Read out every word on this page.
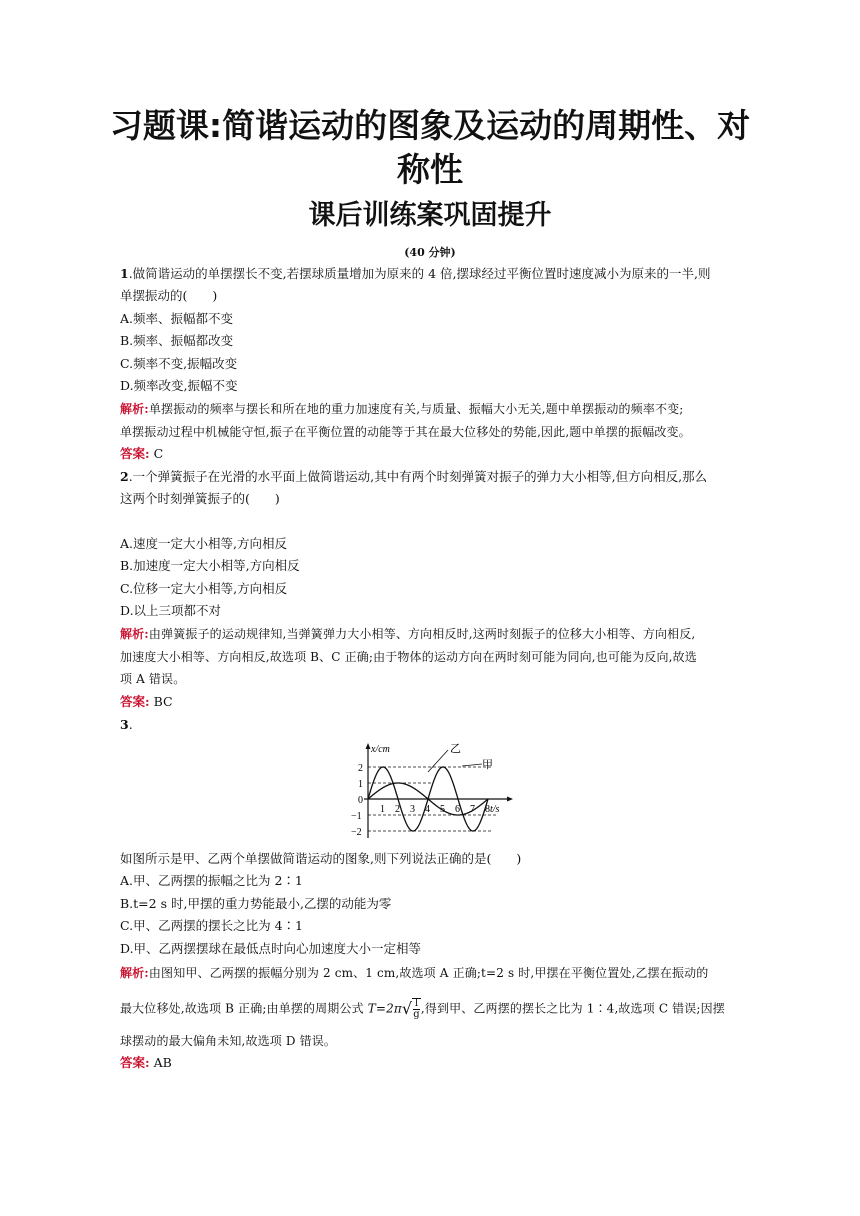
习题课:简谐运动的图象及运动的周期性、对
称性
课后训练案巩固提升
(40 分钟)
1.做简谐运动的单摆摆长不变,若摆球质量增加为原来的 4 倍,摆球经过平衡位置时速度减小为原来的一半,则
单摆振动的(　　)
A.频率、振幅都不变
B.频率、振幅都改变
C.频率不变,振幅改变
D.频率改变,振幅不变
解析:单摆振动的频率与摆长和所在地的重力加速度有关,与质量、振幅大小无关,题中单摆振动的频率不变;
单摆振动过程中机械能守恒,振子在平衡位置的动能等于其在最大位移处的势能,因此,题中单摆的振幅改变。
答案: C
2.一个弹簧振子在光滑的水平面上做简谐运动,其中有两个时刻弹簧对振子的弹力大小相等,但方向相反,那么
这两个时刻弹簧振子的(　　)
A.速度一定大小相等,方向相反
B.加速度一定大小相等,方向相反
C.位移一定大小相等,方向相反
D.以上三项都不对
解析:由弹簧振子的运动规律知,当弹簧弹力大小相等、方向相反时,这两时刻振子的位移大小相等、方向相反,
加速度大小相等、方向相反,故选项 B、C 正确;由于物体的运动方向在两时刻可能为同向,也可能为反向,故选
项 A 错误。
答案: BC
3.
x/cm
t/s
2
1
0
−1
−2
1 2 3 4 5 6 7 8
乙
甲
如图所示是甲、乙两个单摆做简谐运动的图象,则下列说法正确的是(　　)
A.甲、乙两摆的振幅之比为 2∶1
B.t=2 s 时,甲摆的重力势能最小,乙摆的动能为零
C.甲、乙两摆的摆长之比为 4∶1
D.甲、乙两摆摆球在最低点时向心加速度大小一定相等
解析:由图知甲、乙两摆的振幅分别为 2 cm、1 cm,故选项 A 正确;t=2 s 时,甲摆在平衡位置处,乙摆在振动的
最大位移处,故选项 B 正确;由单摆的周期公式 $T=2\pi√ \frac{l}{g}$ ,得到甲、乙两摆的摆长之比为 1∶4,故选项 C 错误;因摆
球摆动的最大偏角未知,故选项 D 错误。
答案: AB
